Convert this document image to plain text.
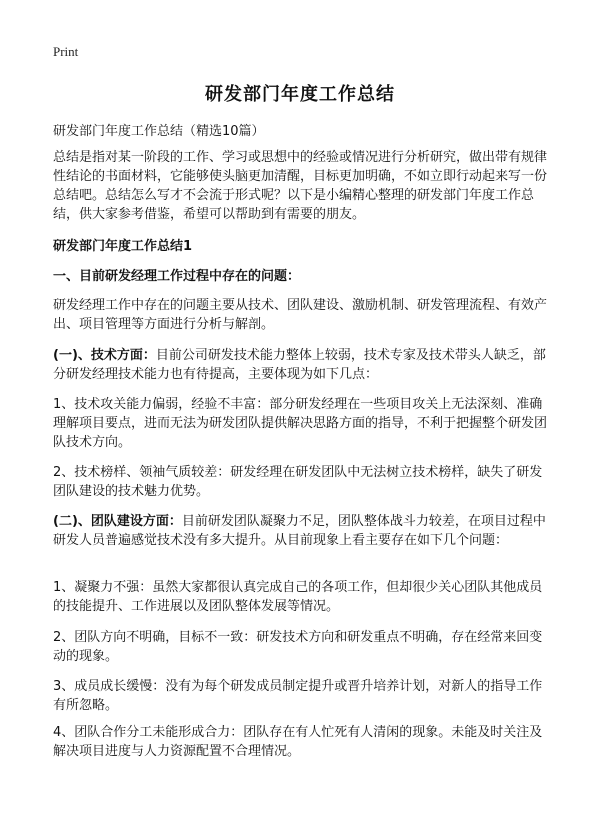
Print
研发部门年度工作总结
研发部门年度工作总结（精选10篇）

总结是指对某一阶段的工作、学习或思想中的经验或情况进行分析研究，做出带有规律性结论的书面材料，它能够使头脑更加清醒，目标更加明确，不如立即行动起来写一份总结吧。总结怎么写才不会流于形式呢？以下是小编精心整理的研发部门年度工作总结，供大家参考借鉴，希望可以帮助到有需要的朋友。

研发部门年度工作总结1
一、目前研发经理工作过程中存在的问题：

研发经理工作中存在的问题主要从技术、团队建设、激励机制、研发管理流程、有效产出、项目管理等方面进行分析与解剖。

(一)、技术方面：目前公司研发技术能力整体上较弱，技术专家及技术带头人缺乏，部分研发经理技术能力也有待提高，主要体现为如下几点：

1、技术攻关能力偏弱，经验不丰富：部分研发经理在一些项目攻关上无法深刻、准确理解项目要点，进而无法为研发团队提供解决思路方面的指导，不利于把握整个研发团队技术方向。

2、技术榜样、领袖气质较差：研发经理在研发团队中无法树立技术榜样，缺失了研发团队建设的技术魅力优势。

(二)、团队建设方面：目前研发团队凝聚力不足，团队整体战斗力较差，在项目过程中研发人员普遍感觉技术没有多大提升。从目前现象上看主要存在如下几个问题：

1、凝聚力不强：虽然大家都很认真完成自己的各项工作，但却很少关心团队其他成员的技能提升、工作进展以及团队整体发展等情况。

2、团队方向不明确，目标不一致：研发技术方向和研发重点不明确，存在经常来回变动的现象。

3、成员成长缓慢：没有为每个研发成员制定提升或晋升培养计划，对新人的指导工作有所忽略。

4、团队合作分工未能形成合力：团队存在有人忙死有人清闲的现象。未能及时关注及解决项目进度与人力资源配置不合理情况。
